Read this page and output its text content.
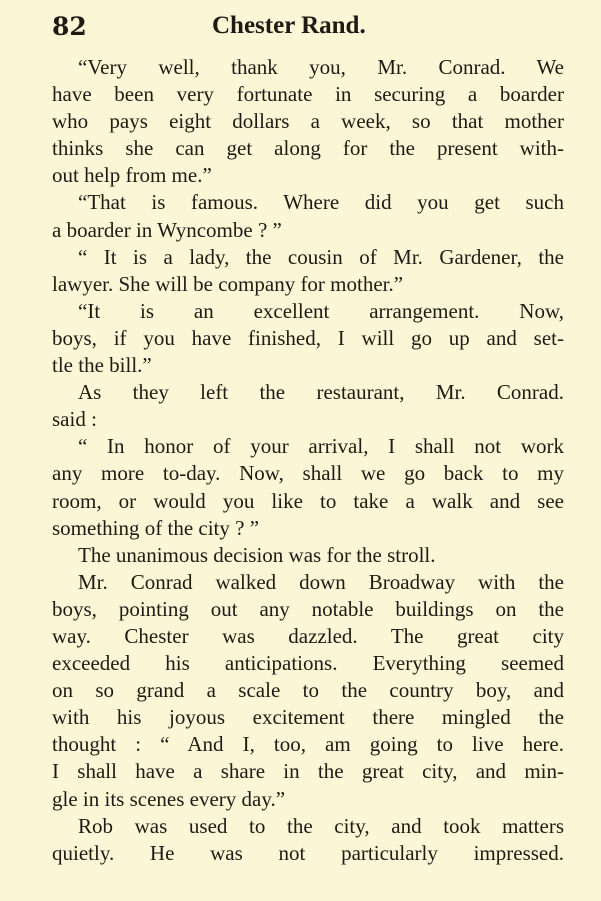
82	Chester Rand.
“Very well, thank you, Mr. Conrad. We
have been very fortunate in securing a boarder
who pays eight dollars a week, so that mother
thinks she can get along for the present with-
out help from me.”
“That is famous. Where did you get such
a boarder in Wyncombe ? ”
“ It is a lady, the cousin of Mr. Gardener, the
lawyer. She will be company for mother.”
“It is an excellent arrangement. Now,
boys, if you have finished, I will go up and set-
tle the bill.”
As they left the restaurant, Mr. Conrad.
said :
“ In honor of your arrival, I shall not work
any more to-day. Now, shall we go back to my
room, or would you like to take a walk and see
something of the city ? ”
The unanimous decision was for the stroll.
Mr. Conrad walked down Broadway with the
boys, pointing out any notable buildings on the
way. Chester was dazzled. The great city
exceeded his anticipations. Everything seemed
on so grand a scale to the country boy, and
with his joyous excitement there mingled the
thought : “ And I, too, am going to live here.
I shall have a share in the great city, and min-
gle in its scenes every day.”
Rob was used to the city, and took matters
quietly. He was not particularly impressed.
